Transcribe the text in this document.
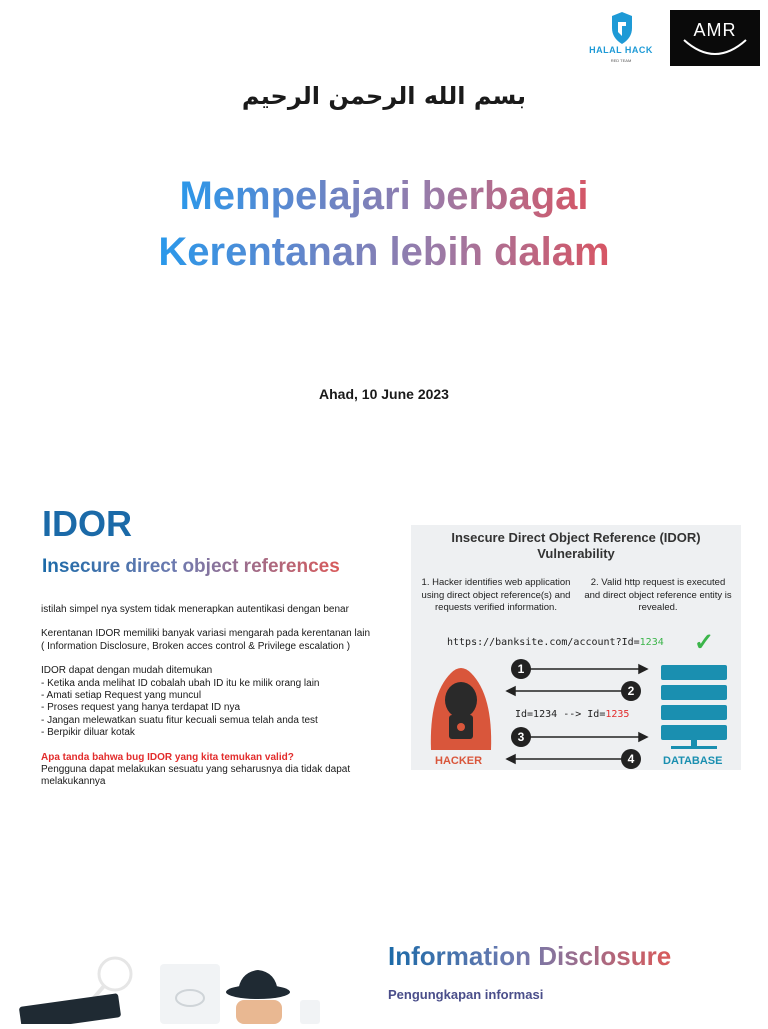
HALAL HACK
RED TEAM
AMR
بسم الله الرحمن الرحيم
Mempelajari berbagai
Kerentanan lebih dalam
Ahad, 10 June 2023
IDOR
Insecure direct object references

istilah simpel nya system tidak menerapkan autentikasi dengan benar

Kerentanan IDOR memiliki banyak variasi mengarah pada kerentanan lain
( Information Disclosure, Broken acces control & Privilege escalation )

IDOR dapat dengan mudah ditemukan
- Ketika anda melihat ID cobalah ubah ID itu ke milik orang lain
- Amati setiap Request yang muncul
- Proses request yang hanya terdapat ID nya
- Jangan melewatkan suatu fitur kecuali semua telah anda test
- Berpikir diluar kotak

Apa tanda bahwa bug IDOR yang kita temukan valid?
Pengguna dapat melakukan sesuatu yang seharusnya dia tidak dapat melakukannya

Insecure Direct Object Reference (IDOR)
Vulnerability
1. Hacker identifies web application using direct object reference(s) and requests verified information.
2. Valid http request is executed and direct object reference entity is revealed.
https://banksite.com/account?Id=1234 ✓
1
2
3
4
Id=1234 --> Id=1235
HACKER	DATABASE
Information Disclosure
Pengungkapan informasi
